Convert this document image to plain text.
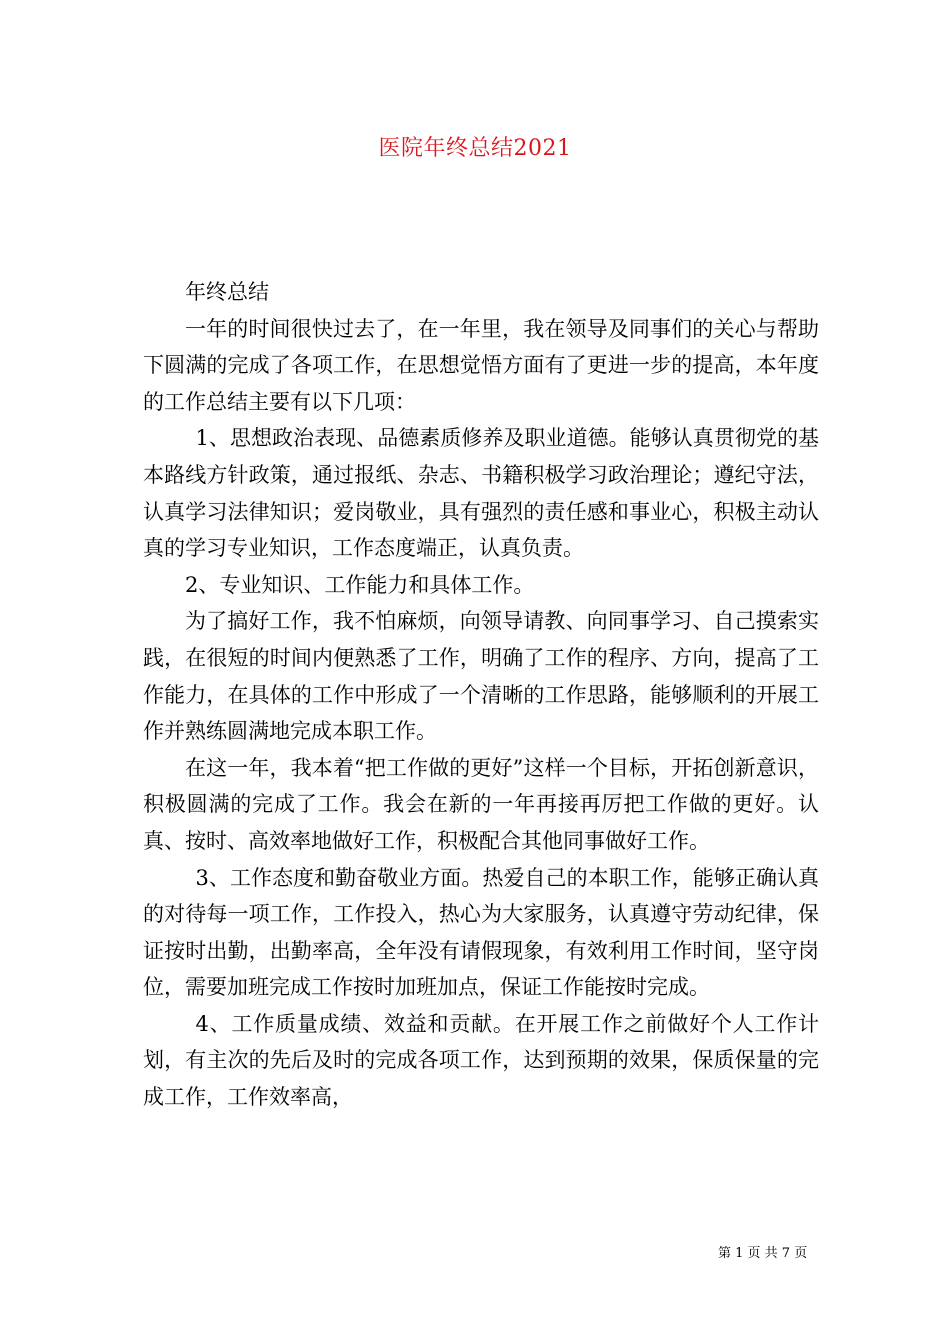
医院年终总结2021

年终总结

一年的时间很快过去了，在一年里，我在领导及同事们的关心与帮助下圆满的完成了各项工作，在思想觉悟方面有了更进一步的提高，本年度的工作总结主要有以下几项：

1、思想政治表现、品德素质修养及职业道德。能够认真贯彻党的基本路线方针政策，通过报纸、杂志、书籍积极学习政治理论；遵纪守法，认真学习法律知识；爱岗敬业，具有强烈的责任感和事业心，积极主动认真的学习专业知识，工作态度端正，认真负责。

2、专业知识、工作能力和具体工作。

为了搞好工作，我不怕麻烦，向领导请教、向同事学习、自己摸索实践，在很短的时间内便熟悉了工作，明确了工作的程序、方向，提高了工作能力，在具体的工作中形成了一个清晰的工作思路，能够顺利的开展工作并熟练圆满地完成本职工作。

在这一年，我本着“把工作做的更好”这样一个目标，开拓创新意识，积极圆满的完成了工作。我会在新的一年再接再厉把工作做的更好。认真、按时、高效率地做好工作，积极配合其他同事做好工作。

3、工作态度和勤奋敬业方面。热爱自己的本职工作，能够正确认真的对待每一项工作，工作投入，热心为大家服务，认真遵守劳动纪律，保证按时出勤，出勤率高，全年没有请假现象，有效利用工作时间，坚守岗位，需要加班完成工作按时加班加点，保证工作能按时完成。

4、工作质量成绩、效益和贡献。在开展工作之前做好个人工作计划，有主次的先后及时的完成各项工作，达到预期的效果，保质保量的完成工作，工作效率高，

第 1 页 共 7 页
